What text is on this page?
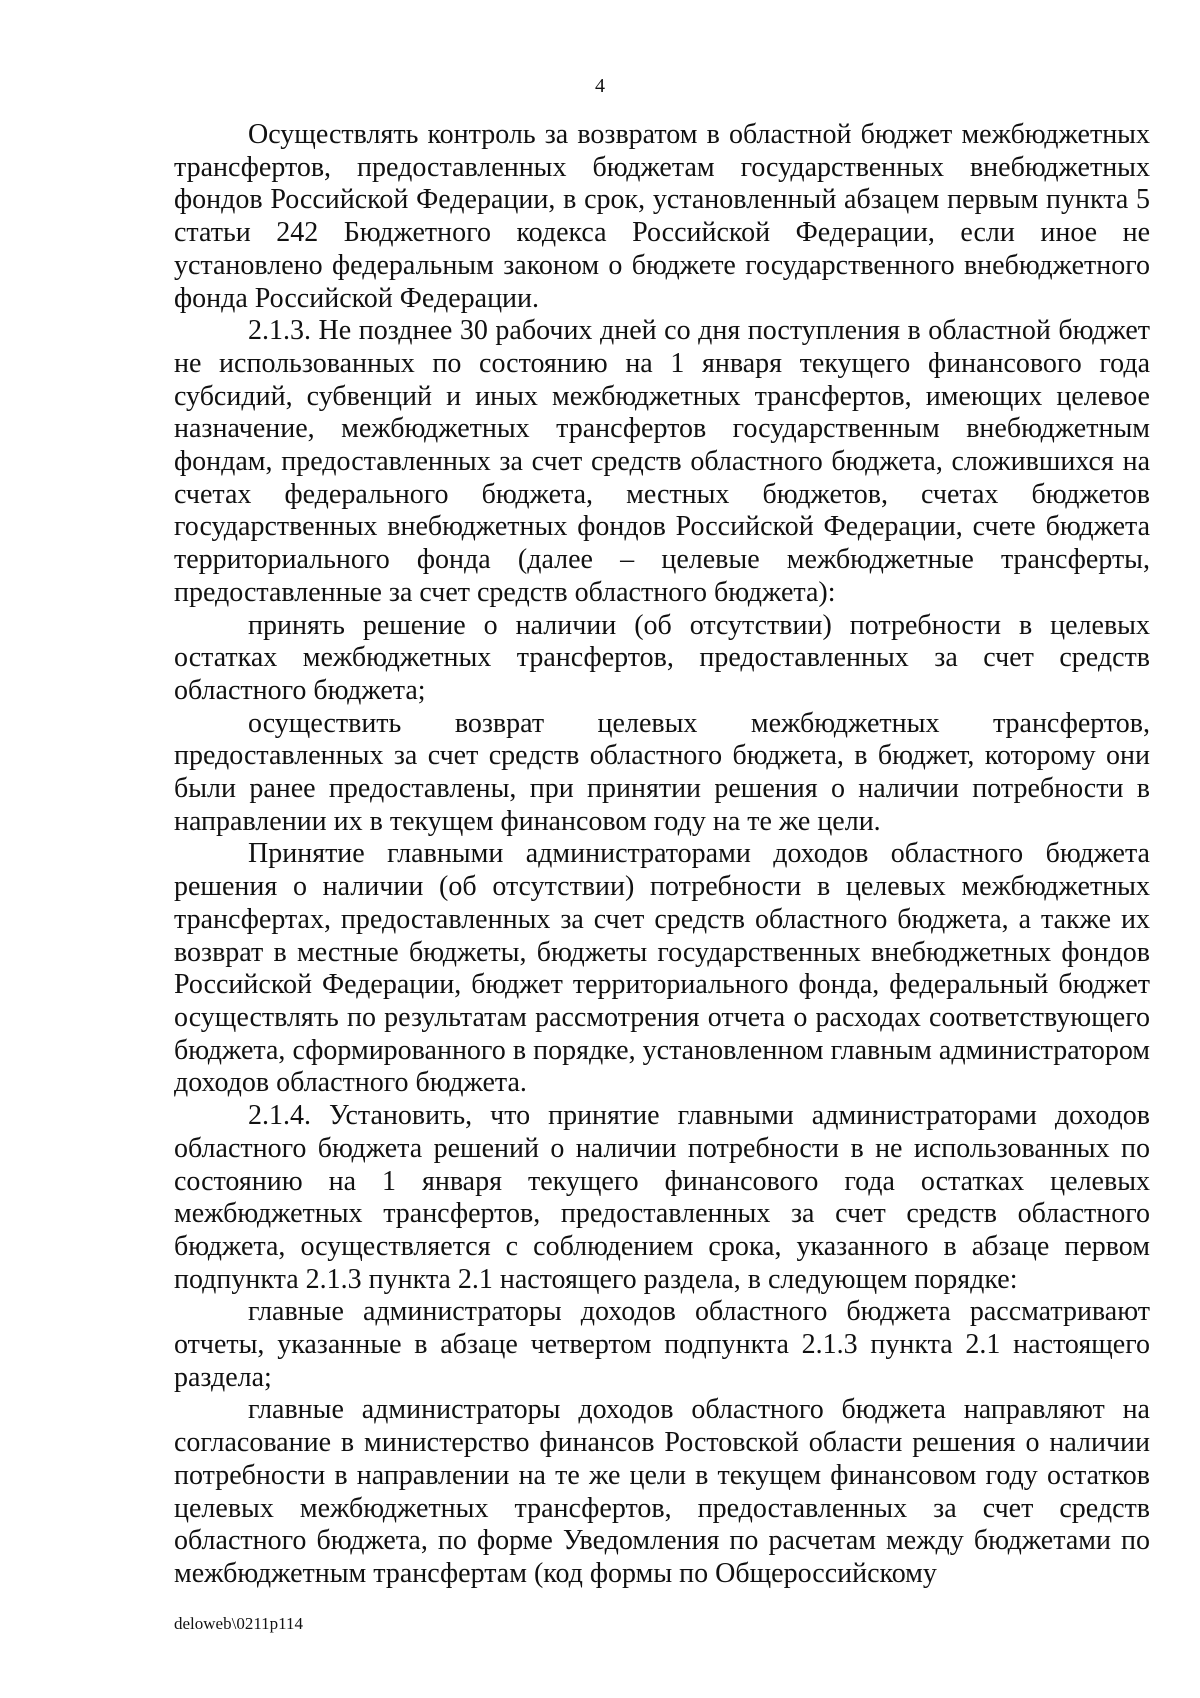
4

Осуществлять контроль за возвратом в областной бюджет межбюджетных трансфертов, предоставленных бюджетам государственных внебюджетных фондов Российской Федерации, в срок, установленный абзацем первым пункта 5 статьи 242 Бюджетного кодекса Российской Федерации, если иное не установлено федеральным законом о бюджете государственного внебюджетного фонда Российской Федерации.

2.1.3. Не позднее 30 рабочих дней со дня поступления в областной бюджет не использованных по состоянию на 1 января текущего финансового года субсидий, субвенций и иных межбюджетных трансфертов, имеющих целевое назначение, межбюджетных трансфертов государственным внебюджетным фондам, предоставленных за счет средств областного бюджета, сложившихся на счетах федерального бюджета, местных бюджетов, счетах бюджетов государственных внебюджетных фондов Российской Федерации, счете бюджета территориального фонда (далее – целевые межбюджетные трансферты, предоставленные за счет средств областного бюджета):

принять решение о наличии (об отсутствии) потребности в целевых остатках межбюджетных трансфертов, предоставленных за счет средств областного бюджета;

осуществить возврат целевых межбюджетных трансфертов, предоставленных за счет средств областного бюджета, в бюджет, которому они были ранее предоставлены, при принятии решения о наличии потребности в направлении их в текущем финансовом году на те же цели.

Принятие главными администраторами доходов областного бюджета решения о наличии (об отсутствии) потребности в целевых межбюджетных трансфертах, предоставленных за счет средств областного бюджета, а также их возврат в местные бюджеты, бюджеты государственных внебюджетных фондов Российской Федерации, бюджет территориального фонда, федеральный бюджет осуществлять по результатам рассмотрения отчета о расходах соответствующего бюджета, сформированного в порядке, установленном главным администратором доходов областного бюджета.

2.1.4. Установить, что принятие главными администраторами доходов областного бюджета решений о наличии потребности в не использованных по состоянию на 1 января текущего финансового года остатках целевых межбюджетных трансфертов, предоставленных за счет средств областного бюджета, осуществляется с соблюдением срока, указанного в абзаце первом подпункта 2.1.3 пункта 2.1 настоящего раздела, в следующем порядке:

главные администраторы доходов областного бюджета рассматривают отчеты, указанные в абзаце четвертом подпункта 2.1.3 пункта 2.1 настоящего раздела;

главные администраторы доходов областного бюджета направляют на согласование в министерство финансов Ростовской области решения о наличии потребности в направлении на те же цели в текущем финансовом году остатков целевых межбюджетных трансфертов, предоставленных за счет средств областного бюджета, по форме Уведомления по расчетам между бюджетами по межбюджетным трансфертам (код формы по Общероссийскому

deloweb\0211p114
